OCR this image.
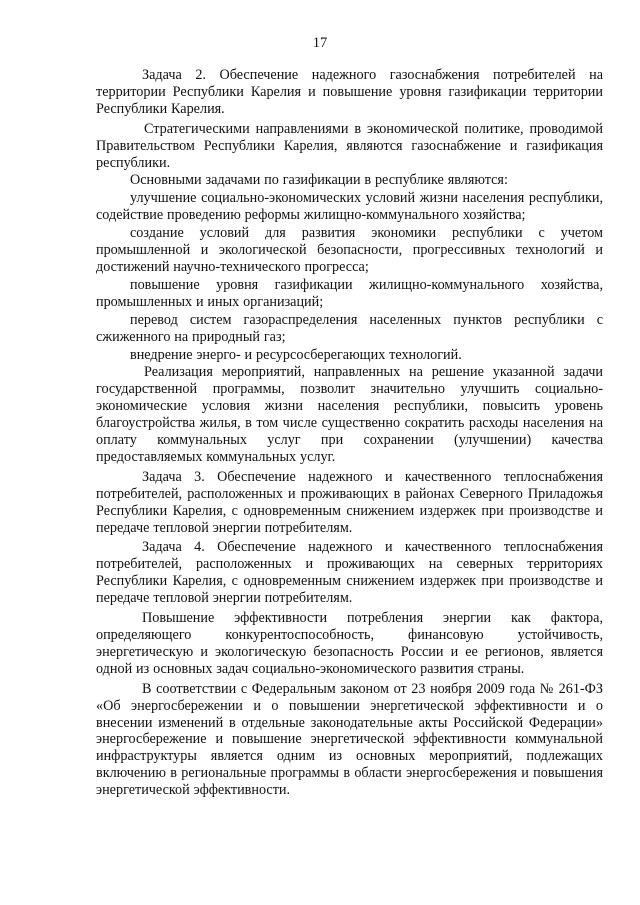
17

Задача 2. Обеспечение надежного газоснабжения потребителей на территории Республики Карелия и повышение уровня газификации территории Республики Карелия.

Стратегическими направлениями в экономической политике, проводимой Правительством Республики Карелия, являются газоснабжение и газификация республики.

Основными задачами по газификации в республике являются:

улучшение социально-экономических условий жизни населения республики, содействие проведению реформы жилищно-коммунального хозяйства;

создание условий для развития экономики республики с учетом промышленной и экологической безопасности, прогрессивных технологий и достижений научно-технического прогресса;

повышение уровня газификации жилищно-коммунального хозяйства, промышленных и иных организаций;

перевод систем газораспределения населенных пунктов республики с сжиженного на природный газ;

внедрение энерго- и ресурсосберегающих технологий.

Реализация мероприятий, направленных на решение указанной задачи государственной программы, позволит значительно улучшить социально-экономические условия жизни населения республики, повысить уровень благоустройства жилья, в том числе существенно сократить расходы населения на оплату коммунальных услуг при сохранении (улучшении) качества предоставляемых коммунальных услуг.

Задача 3. Обеспечение надежного и качественного теплоснабжения потребителей, расположенных и проживающих в районах Северного Приладожья Республики Карелия, с одновременным снижением издержек при производстве и передаче тепловой энергии потребителям.

Задача 4. Обеспечение надежного и качественного теплоснабжения потребителей, расположенных и проживающих на северных территориях Республики Карелия, с одновременным снижением издержек при производстве и передаче тепловой энергии потребителям.

Повышение эффективности потребления энергии как фактора, определяющего конкурентоспособность, финансовую устойчивость, энергетическую и экологическую безопасность России и ее регионов, является одной из основных задач социально-экономического развития страны.

В соответствии с Федеральным законом от 23 ноября 2009 года № 261-ФЗ «Об энергосбережении и о повышении энергетической эффективности и о внесении изменений в отдельные законодательные акты Российской Федерации» энергосбережение и повышение энергетической эффективности коммунальной инфраструктуры является одним из основных мероприятий, подлежащих включению в региональные программы в области энергосбережения и повышения энергетической эффективности.
